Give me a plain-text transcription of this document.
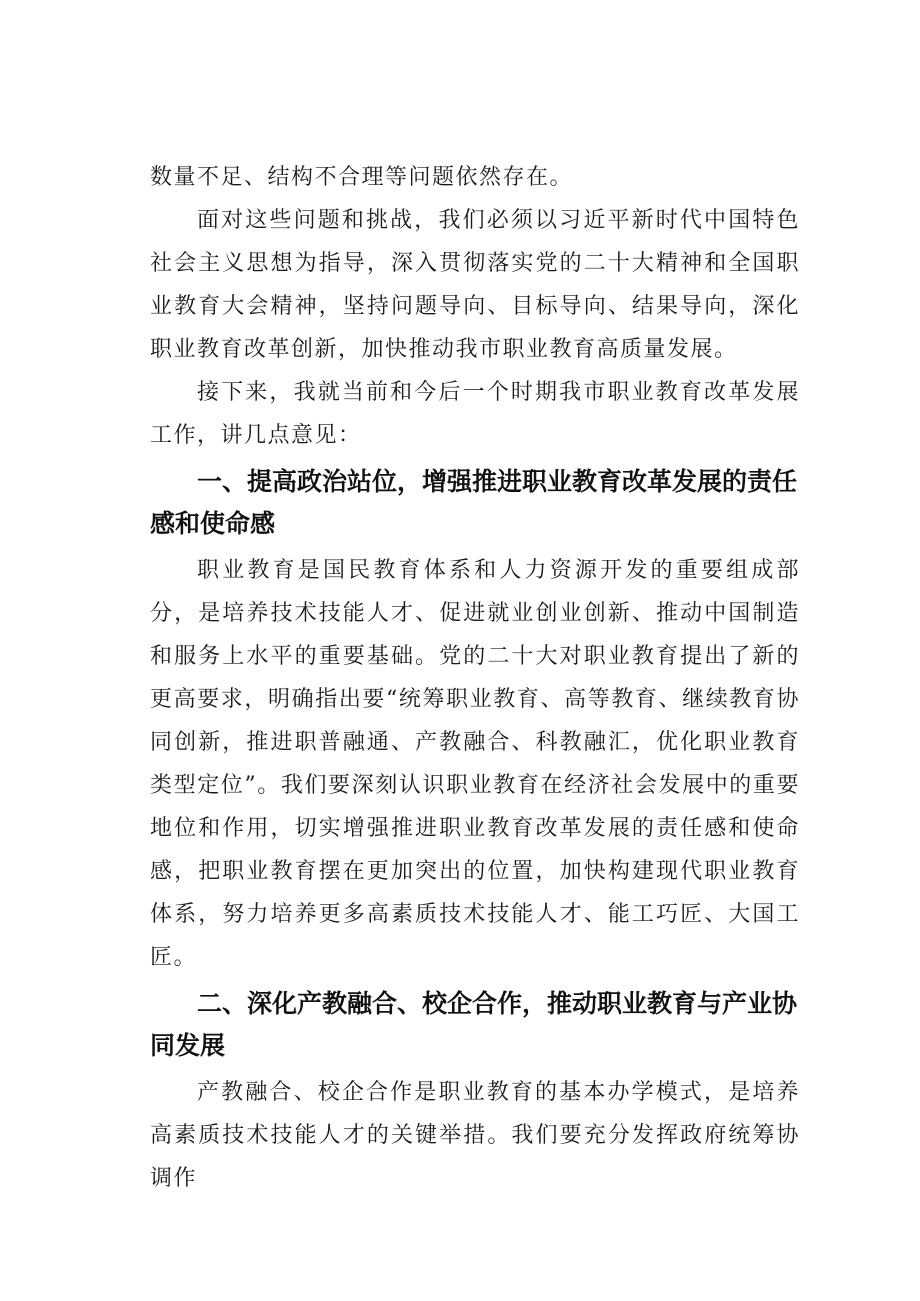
数量不足、结构不合理等问题依然存在。

面对这些问题和挑战，我们必须以习近平新时代中国特色社会主义思想为指导，深入贯彻落实党的二十大精神和全国职业教育大会精神，坚持问题导向、目标导向、结果导向，深化职业教育改革创新，加快推动我市职业教育高质量发展。

接下来，我就当前和今后一个时期我市职业教育改革发展工作，讲几点意见：

一、提高政治站位，增强推进职业教育改革发展的责任感和使命感

职业教育是国民教育体系和人力资源开发的重要组成部分，是培养技术技能人才、促进就业创业创新、推动中国制造和服务上水平的重要基础。党的二十大对职业教育提出了新的更高要求，明确指出要“统筹职业教育、高等教育、继续教育协同创新，推进职普融通、产教融合、科教融汇，优化职业教育类型定位”。我们要深刻认识职业教育在经济社会发展中的重要地位和作用，切实增强推进职业教育改革发展的责任感和使命感，把职业教育摆在更加突出的位置，加快构建现代职业教育体系，努力培养更多高素质技术技能人才、能工巧匠、大国工匠。

二、深化产教融合、校企合作，推动职业教育与产业协同发展

产教融合、校企合作是职业教育的基本办学模式，是培养高素质技术技能人才的关键举措。我们要充分发挥政府统筹协调作
